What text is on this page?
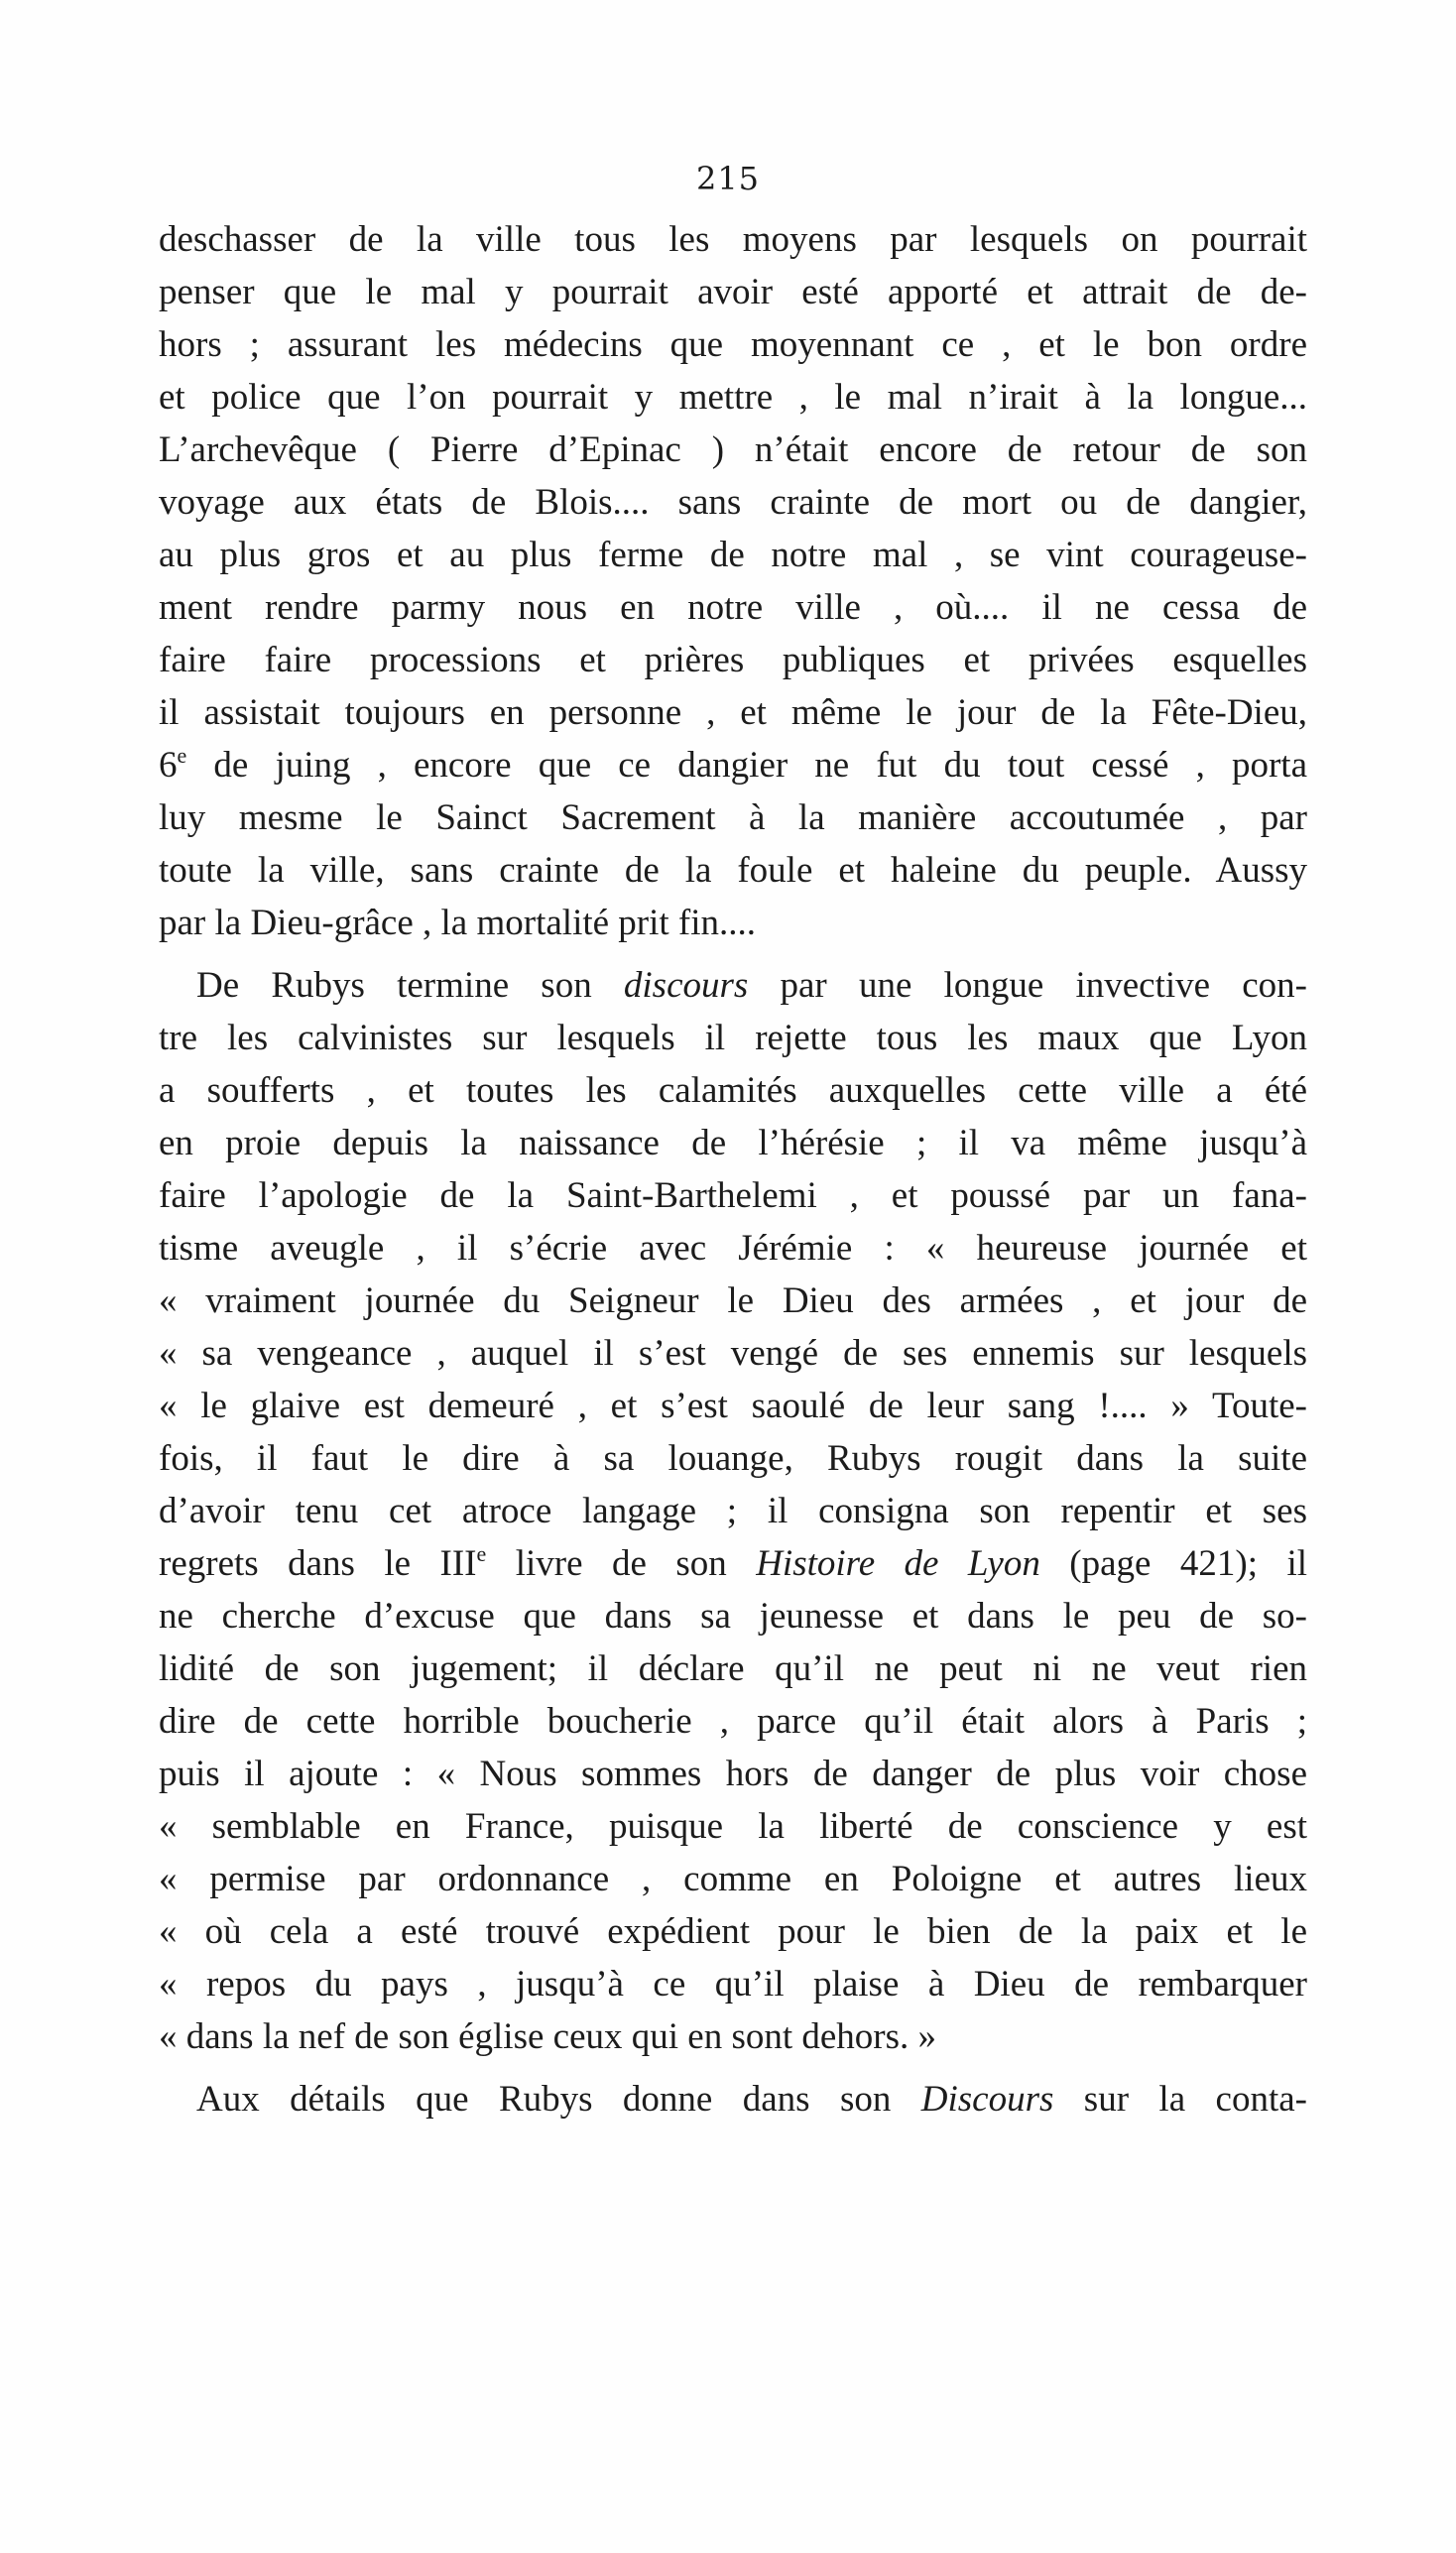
215
deschasser de la ville tous les moyens par lesquels on pourrait
penser que le mal y pourrait avoir esté apporté et attrait de de-
hors ; assurant les médecins que moyennant ce , et le bon ordre
et police que l’on pourrait y mettre , le mal n’irait à la longue...
L’archevêque ( Pierre d’Epinac ) n’était encore de retour de son
voyage aux états de Blois.... sans crainte de mort ou de dangier,
au plus gros et au plus ferme de notre mal , se vint courageuse-
ment rendre parmy nous en notre ville , où.... il ne cessa de
faire faire processions et prières publiques et privées esquelles
il assistait toujours en personne , et même le jour de la Fête-Dieu,
6e de juing , encore que ce dangier ne fut du tout cessé , porta
luy mesme le Sainct Sacrement à la manière accoutumée , par
toute la ville, sans crainte de la foule et haleine du peuple. Aussy
par la Dieu-grâce , la mortalité prit fin....
De Rubys termine son discours par une longue invective con-
tre les calvinistes sur lesquels il rejette tous les maux que Lyon
a soufferts , et toutes les calamités auxquelles cette ville a été
en proie depuis la naissance de l’hérésie ; il va même jusqu’à
faire l’apologie de la Saint-Barthelemi , et poussé par un fana-
tisme aveugle , il s’écrie avec Jérémie : « heureuse journée et
« vraiment journée du Seigneur le Dieu des armées , et jour de
« sa vengeance , auquel il s’est vengé de ses ennemis sur lesquels
« le glaive est demeuré , et s’est saoulé de leur sang !.... » Toute-
fois, il faut le dire à sa louange, Rubys rougit dans la suite
d’avoir tenu cet atroce langage ; il consigna son repentir et ses
regrets dans le IIIe livre de son Histoire de Lyon (page 421); il
ne cherche d’excuse que dans sa jeunesse et dans le peu de so-
lidité de son jugement; il déclare qu’il ne peut ni ne veut rien
dire de cette horrible boucherie , parce qu’il était alors à Paris ;
puis il ajoute : « Nous sommes hors de danger de plus voir chose
« semblable en France, puisque la liberté de conscience y est
« permise par ordonnance , comme en Poloigne et autres lieux
« où cela a esté trouvé expédient pour le bien de la paix et le
« repos du pays , jusqu’à ce qu’il plaise à Dieu de rembarquer
« dans la nef de son église ceux qui en sont dehors. »
Aux détails que Rubys donne dans son Discours sur la conta-
